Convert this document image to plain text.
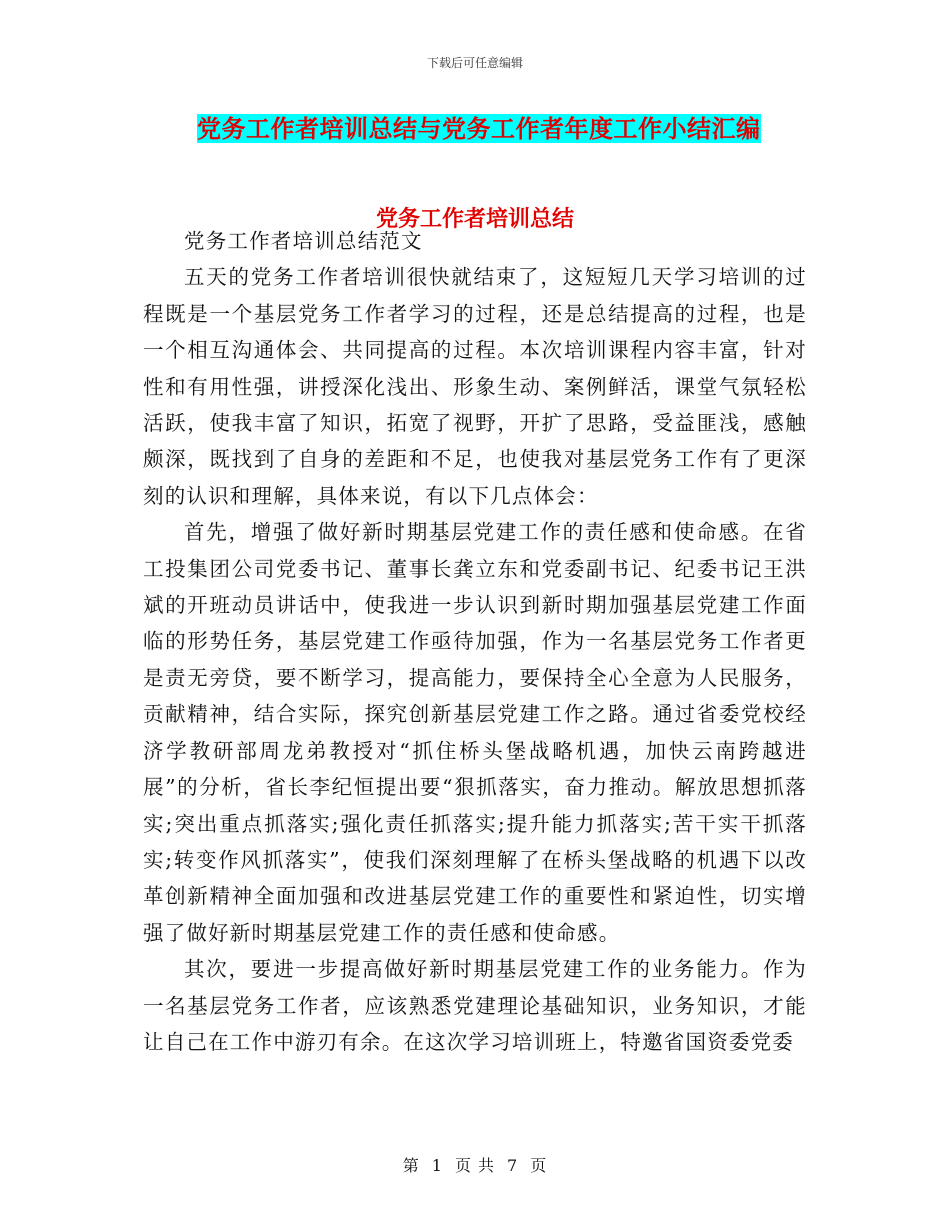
下载后可任意编辑
党务工作者培训总结与党务工作者年度工作小结汇编
党务工作者培训总结

党务工作者培训总结范文

五天的党务工作者培训很快就结束了，这短短几天学习培训的过程既是一个基层党务工作者学习的过程，还是总结提高的过程，也是一个相互沟通体会、共同提高的过程。本次培训课程内容丰富，针对性和有用性强，讲授深化浅出、形象生动、案例鲜活，课堂气氛轻松活跃，使我丰富了知识，拓宽了视野，开扩了思路，受益匪浅，感触颇深，既找到了自身的差距和不足，也使我对基层党务工作有了更深刻的认识和理解，具体来说，有以下几点体会：

首先，增强了做好新时期基层党建工作的责任感和使命感。在省工投集团公司党委书记、董事长龚立东和党委副书记、纪委书记王洪斌的开班动员讲话中，使我进一步认识到新时期加强基层党建工作面临的形势任务，基层党建工作亟待加强，作为一名基层党务工作者更是责无旁贷，要不断学习，提高能力，要保持全心全意为人民服务，贡献精神，结合实际，探究创新基层党建工作之路。通过省委党校经济学教研部周龙弟教授对“抓住桥头堡战略机遇，加快云南跨越进展”的分析，省长李纪恒提出要“狠抓落实，奋力推动。解放思想抓落实;突出重点抓落实;强化责任抓落实;提升能力抓落实;苦干实干抓落实;转变作风抓落实”，使我们深刻理解了在桥头堡战略的机遇下以改革创新精神全面加强和改进基层党建工作的重要性和紧迫性，切实增强了做好新时期基层党建工作的责任感和使命感。

其次，要进一步提高做好新时期基层党建工作的业务能力。作为一名基层党务工作者，应该熟悉党建理论基础知识，业务知识，才能让自己在工作中游刃有余。在这次学习培训班上，特邀省国资委党委

第 1 页 共 7 页
